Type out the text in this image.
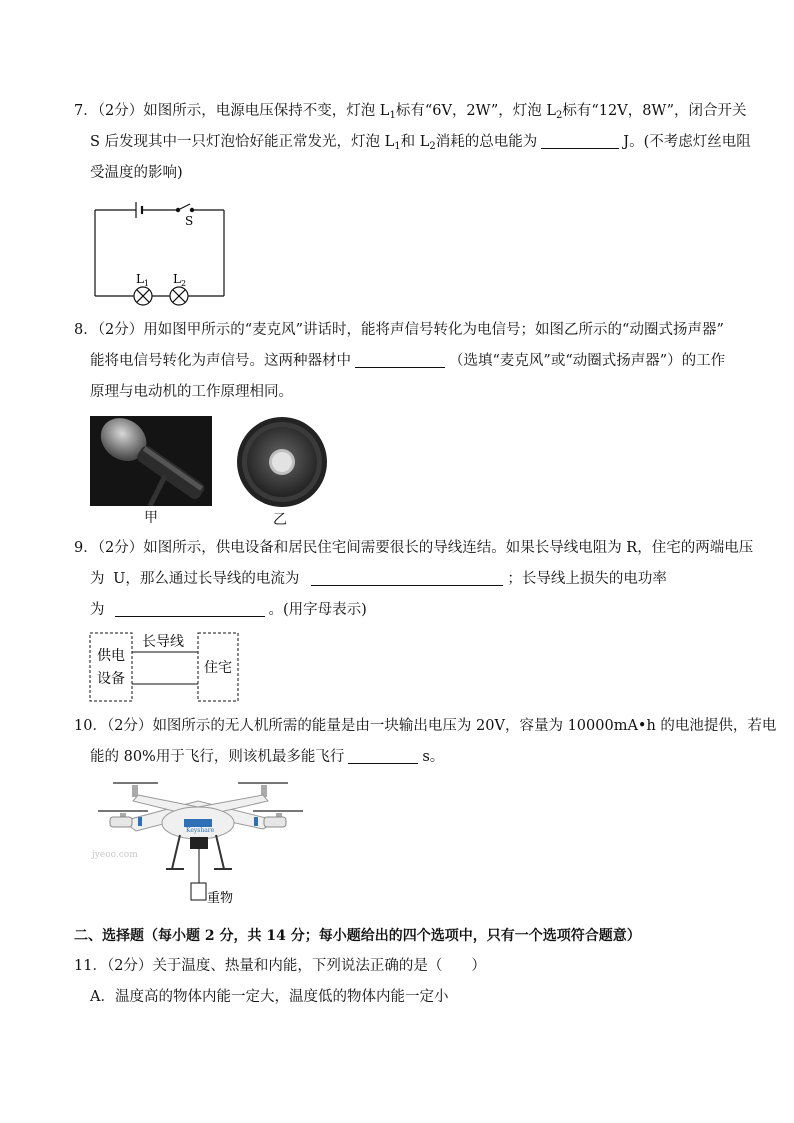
7．（2分）如图所示，电源电压保持不变，灯泡 $L_1$标有“6V，2W”，灯泡 $L_2$标有“12V，8W”，闭合开关
S 后发现其中一只灯泡恰好能正常发光，灯泡 $L_1$和 $L_2$消耗的总电能为	J。(不考虑灯丝电阻
受温度的影响)
S
$L_1$ $L_2$
8．（2分）用如图甲所示的“麦克风”讲话时，能将声信号转化为电信号；如图乙所示的“动圈式扬声器”
能将电信号转化为声信号。这两种器材中	（选填“麦克风”或“动圈式扬声器”）的工作
原理与电动机的工作原理相同。
甲	乙
9．（2分）如图所示，供电设备和居民住宅间需要很长的导线连结。如果长导线电阻为 R，住宅的两端电压
为 U，那么通过长导线的电流为	；长导线上损失的电功率
为	。(用字母表示)
供电
设备
长导线
住宅
10．（2分）如图所示的无人机所需的能量是由一块输出电压为 20V，容量为 10000mA•h 的电池提供，若电
能的 80%用于飞行，则该机最多能飞行	s。
Keyshare
jyeoo.com
重物
二、选择题（每小题 2 分，共 14 分；每小题给出的四个选项中，只有一个选项符合题意）
11．（2分）关于温度、热量和内能，下列说法正确的是（　　）
A．温度高的物体内能一定大，温度低的物体内能一定小
